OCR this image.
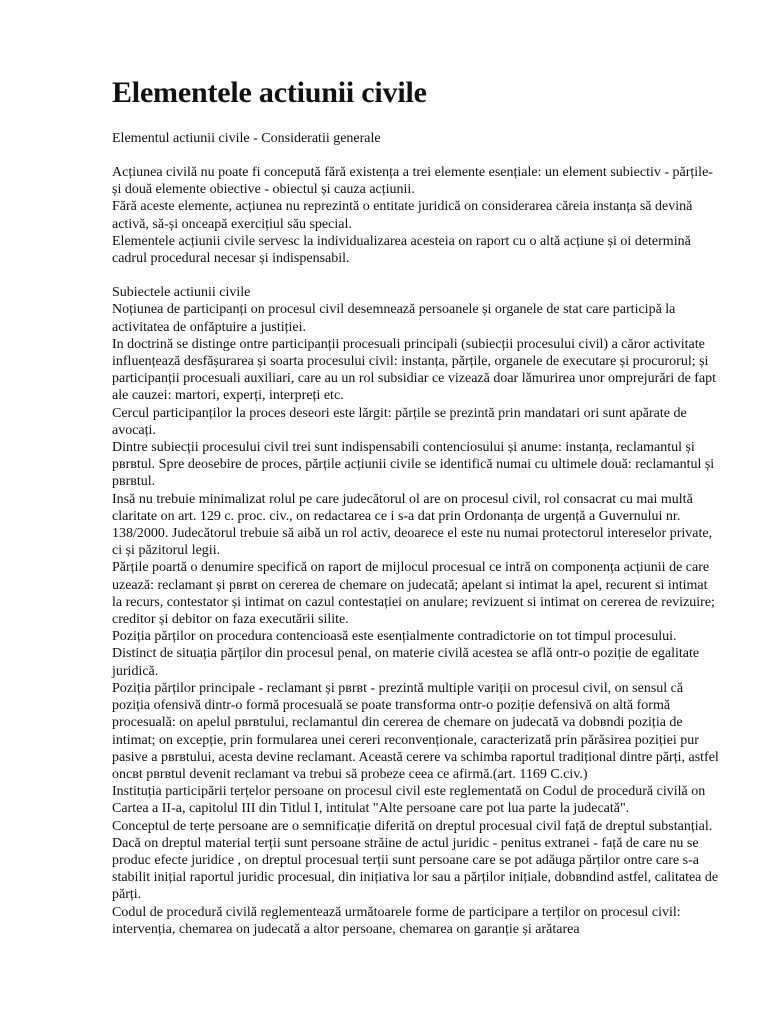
Elementele actiunii civile

Elementul actiunii civile - Consideratii generale

Acțiunea civilă nu poate fi concepută fără existența a trei elemente esențiale: un element subiectiv - părțile- și două elemente obiective - obiectul și cauza acțiunii.

Fără aceste elemente, acțiunea nu reprezintă o entitate juridică on considerarea căreia instanța să devină activă, să-și onceapă exercițiul său special.

Elementele acțiunii civile servesc la individualizarea acesteia on raport cu o altă acțiune și oi determină cadrul procedural necesar și indispensabil.

Subiectele actiunii civile

Noțiunea de participanți on procesul civil desemnează persoanele și organele de stat care participă la activitatea de onfăptuire a justiției.

In doctrină se distinge ontre participanții procesuali principali (subiecții procesului civil) a căror activitate influențează desfășurarea și soarta procesului civil: instanța, părțile, organele de executare și procurorul; și participanții procesuali auxiliari, care au un rol subsidiar ce vizează doar lămurirea unor omprejurări de fapt ale cauzei: martori, experți, interpreți etc.

Cercul participanților la proces deseori este lărgit: părțile se prezintă prin mandatari ori sunt apărate de avocați.

Dintre subiecții procesului civil trei sunt indispensabili contenciosului și anume: instanța, reclamantul și pвrвtul. Spre deosebire de proces, părțile acțiunii civile se identifică numai cu ultimele două: reclamantul și pвrвtul.

Insă nu trebuie minimalizat rolul pe care judecătorul ol are on procesul civil, rol consacrat cu mai multă claritate on art. 129 c. proc. civ., on redactarea ce i s-a dat prin Ordonanța de urgență a Guvernului nr. 138/2000. Judecătorul trebuie să aibă un rol activ, deoarece el este nu numai protectorul intereselor private, ci și păzitorul legii.

Părțile poartă o denumire specifică on raport de mijlocul procesual ce intră on componența acțiunii de care uzează: reclamant și pвrвt on cererea de chemare on judecată; apelant si intimat la apel, recurent si intimat la recurs, contestator și intimat on cazul contestației on anulare; revizuent si intimat on cererea de revizuire; creditor și debitor on faza executării silite.

Poziția părților on procedura contencioasă este esențialmente contradictorie on tot timpul procesului. Distinct de situația părților din procesul penal, on materie civilă acestea se află ontr-o poziție de egalitate juridică.

Poziția părților principale - reclamant și pвrвt - prezintă multiple variții on procesul civil, on sensul că poziția ofensivă dintr-o formă procesuală se poate transforma ontr-o poziție defensivă on altă formă procesuală: on apelul pвrвtului, reclamantul din cererea de chemare on judecată va dobвndi poziția de intimat; on excepție, prin formularea unei cereri reconvenționale, caracterizată prin părăsirea poziției pur pasive a pвrвtului, acesta devine reclamant. Această cerere va schimba raportul tradițional dintre părți, astfel oncвt pвrвtul devenit reclamant va trebui să probeze ceea ce afirmă.(art. 1169 C.civ.)

Instituția participării terțelor persoane on procesul civil este reglementată on Codul de procedură civilă on Cartea a II-a, capitolul III din Titlul I, intitulat "Alte persoane care pot lua parte la judecată".

Conceptul de terțe persoane are o semnificație diferită on dreptul procesual civil față de dreptul substanțial. Dacă on dreptul material terții sunt persoane străine de actul juridic - penitus extranei - față de care nu se produc efecte juridice , on dreptul procesual terții sunt persoane care se pot adăuga părților ontre care s-a stabilit inițial raportul juridic procesual, din inițiativa lor sau a părților inițiale, dobвndind astfel, calitatea de părți.

Codul de procedură civilă reglementează următoarele forme de participare a terților on procesul civil: intervenția, chemarea on judecată a altor persoane, chemarea on garanție și arătarea
